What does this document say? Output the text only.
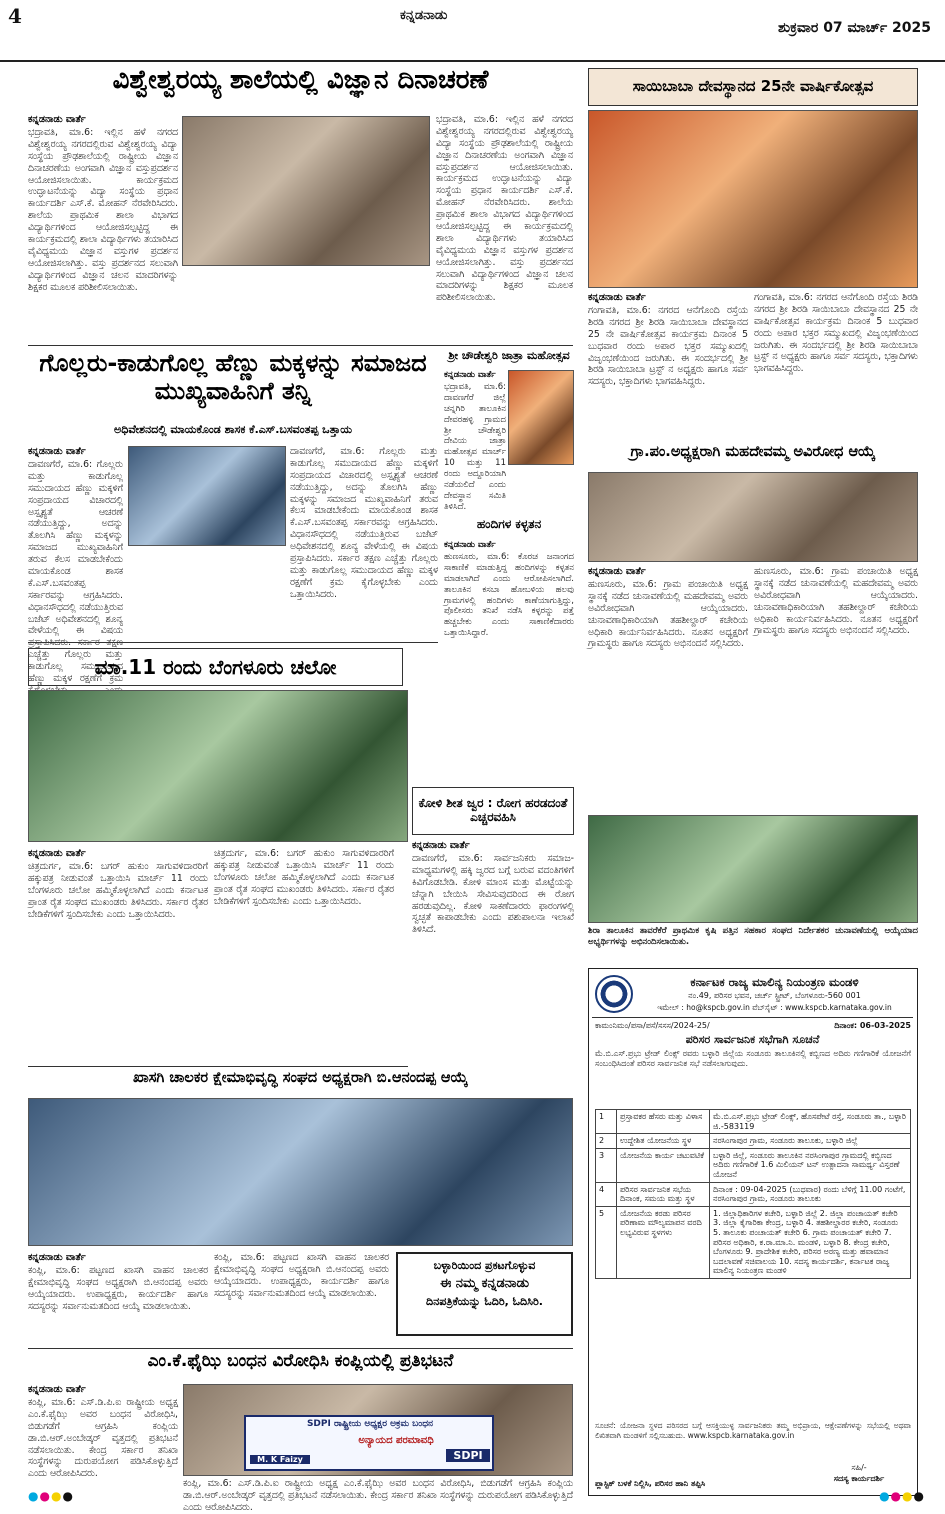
4	ಕನ್ನಡನಾಡು
ಶುಕ್ರವಾರ 07 ಮಾರ್ಚ್ 2025
ವಿಶ್ವೇಶ್ವರಯ್ಯ ಶಾಲೆಯಲ್ಲಿ ವಿಜ್ಞಾನ ದಿನಾಚರಣೆ
ಕನ್ನಡನಾಡು ವಾರ್ತೆ
ಭದ್ರಾವತಿ, ಮಾ.6: ಇಲ್ಲಿನ ಹಳೆ ನಗರದ ವಿಶ್ವೇಶ್ವರಯ್ಯ ನಗರದಲ್ಲಿರುವ ವಿಶ್ವೇಶ್ವರಯ್ಯ ವಿದ್ಯಾ ಸಂಸ್ಥೆಯ ಪ್ರೌಢಶಾಲೆಯಲ್ಲಿ ರಾಷ್ಟ್ರೀಯ ವಿಜ್ಞಾನ ದಿನಾಚರಣೆಯ ಅಂಗವಾಗಿ ವಿಜ್ಞಾನ ವಸ್ತುಪ್ರದರ್ಶನ ಆಯೋಜಿಸಲಾಯಿತು. ಕಾರ್ಯಕ್ರಮದ ಉದ್ಘಾಟನೆಯನ್ನು ವಿದ್ಯಾ ಸಂಸ್ಥೆಯ ಪ್ರಧಾನ ಕಾರ್ಯದರ್ಶಿ ಎಸ್.ಕೆ. ಮೋಹನ್ ನೆರವೇರಿಸಿದರು. ಶಾಲೆಯ ಪ್ರಾಥಮಿಕ ಶಾಲಾ ವಿಭಾಗದ ವಿದ್ಯಾರ್ಥಿಗಳಿಂದ ಆಯೋಜಿಸಲ್ಪಟ್ಟಿದ್ದ ಈ ಕಾರ್ಯಕ್ರಮದಲ್ಲಿ ಶಾಲಾ ವಿದ್ಯಾರ್ಥಿಗಳು ತಯಾರಿಸಿದ ವೈವಿಧ್ಯಮಯ ವಿಜ್ಞಾನ ವಸ್ತುಗಳ ಪ್ರದರ್ಶನ ಆಯೋಜಿಸಲಾಗಿತ್ತು. ವಸ್ತು ಪ್ರದರ್ಶನದ ಸಲುವಾಗಿ ವಿದ್ಯಾರ್ಥಿಗಳಿಂದ ವಿಜ್ಞಾನ ಚಲನ ಮಾದರಿಗಳನ್ನು ಶಿಕ್ಷಕರ ಮೂಲಕ ಪರಿಶೀಲಿಸಲಾಯಿತು.
ಭದ್ರಾವತಿ, ಮಾ.6: ಇಲ್ಲಿನ ಹಳೆ ನಗರದ ವಿಶ್ವೇಶ್ವರಯ್ಯ ನಗರದಲ್ಲಿರುವ ವಿಶ್ವೇಶ್ವರಯ್ಯ ವಿದ್ಯಾ ಸಂಸ್ಥೆಯ ಪ್ರೌಢಶಾಲೆಯಲ್ಲಿ ರಾಷ್ಟ್ರೀಯ ವಿಜ್ಞಾನ ದಿನಾಚರಣೆಯ ಅಂಗವಾಗಿ ವಿಜ್ಞಾನ ವಸ್ತುಪ್ರದರ್ಶನ ಆಯೋಜಿಸಲಾಯಿತು. ಕಾರ್ಯಕ್ರಮದ ಉದ್ಘಾಟನೆಯನ್ನು ವಿದ್ಯಾ ಸಂಸ್ಥೆಯ ಪ್ರಧಾನ ಕಾರ್ಯದರ್ಶಿ ಎಸ್.ಕೆ. ಮೋಹನ್ ನೆರವೇರಿಸಿದರು. ಶಾಲೆಯ ಪ್ರಾಥಮಿಕ ಶಾಲಾ ವಿಭಾಗದ ವಿದ್ಯಾರ್ಥಿಗಳಿಂದ ಆಯೋಜಿಸಲ್ಪಟ್ಟಿದ್ದ ಈ ಕಾರ್ಯಕ್ರಮದಲ್ಲಿ ಶಾಲಾ ವಿದ್ಯಾರ್ಥಿಗಳು ತಯಾರಿಸಿದ ವೈವಿಧ್ಯಮಯ ವಿಜ್ಞಾನ ವಸ್ತುಗಳ ಪ್ರದರ್ಶನ ಆಯೋಜಿಸಲಾಗಿತ್ತು. ವಸ್ತು ಪ್ರದರ್ಶನದ ಸಲುವಾಗಿ ವಿದ್ಯಾರ್ಥಿಗಳಿಂದ ವಿಜ್ಞಾನ ಚಲನ ಮಾದರಿಗಳನ್ನು ಶಿಕ್ಷಕರ ಮೂಲಕ ಪರಿಶೀಲಿಸಲಾಯಿತು.
ಗೊಲ್ಲರು-ಕಾಡುಗೊಲ್ಲ ಹೆಣ್ಣು ಮಕ್ಕಳನ್ನು ಸಮಾಜದ ಮುಖ್ಯವಾಹಿನಿಗೆ ತನ್ನಿ
ಅಧಿವೇಶನದಲ್ಲಿ ಮಾಯಕೊಂಡ ಶಾಸಕ ಕೆ.ಎಸ್.ಬಸವಂತಪ್ಪ ಒತ್ತಾಯ
ಕನ್ನಡನಾಡು ವಾರ್ತೆ
ದಾವಣಗೆರೆ, ಮಾ.6: ಗೊಲ್ಲರು ಮತ್ತು ಕಾಡುಗೊಲ್ಲ ಸಮುದಾಯದ ಹೆಣ್ಣು ಮಕ್ಕಳಿಗೆ ಸಂಪ್ರದಾಯದ ವಿಚಾರದಲ್ಲಿ ಅಸ್ಪೃಶ್ಯತೆ ಆಚರಣೆ ನಡೆಯುತ್ತಿದ್ದು, ಅದನ್ನು ತೊಲಗಿಸಿ ಹೆಣ್ಣು ಮಕ್ಕಳನ್ನು ಸಮಾಜದ ಮುಖ್ಯವಾಹಿನಿಗೆ ತರುವ ಕೆಲಸ ಮಾಡಬೇಕೆಂದು ಮಾಯಕೊಂಡ ಶಾಸಕ ಕೆ.ಎಸ್.ಬಸವಂತಪ್ಪ ಸರ್ಕಾರವನ್ನು ಆಗ್ರಹಿಸಿದರು. ವಿಧಾನಸೌಧದಲ್ಲಿ ನಡೆಯುತ್ತಿರುವ ಬಜೆಟ್ ಅಧಿವೇಶನದಲ್ಲಿ ಶೂನ್ಯ ವೇಳೆಯಲ್ಲಿ ಈ ವಿಷಯ ಎಚ್ಚೆತ್ತು ಗೊಲ್ಲರು ಮತ್ತು ಕಾಡುಗೊಲ್ಲ ಸಮುದಾಯದ ಹೆಣ್ಣು ಮಕ್ಕಳ ರಕ್ಷಣೆಗೆ ಕ್ರಮ
ದಾವಣಗೆರೆ, ಮಾ.6: ಗೊಲ್ಲರು ಮತ್ತು ಕಾಡುಗೊಲ್ಲ ಸಮುದಾಯದ ಹೆಣ್ಣು ಮಕ್ಕಳಿಗೆ ಸಂಪ್ರದಾಯದ ವಿಚಾರದಲ್ಲಿ ಅಸ್ಪೃಶ್ಯತೆ ಆಚರಣೆ ನಡೆಯುತ್ತಿದ್ದು, ಅದನ್ನು ತೊಲಗಿಸಿ ಹೆಣ್ಣು ಮಕ್ಕಳನ್ನು ಸಮಾಜದ ಮುಖ್ಯವಾಹಿನಿಗೆ ತರುವ ಕೆಲಸ ಮಾಡಬೇಕೆಂದು ಮಾಯಕೊಂಡ ಶಾಸಕ ಕೆ.ಎಸ್.ಬಸವಂತಪ್ಪ ಸರ್ಕಾರವನ್ನು ಆಗ್ರಹಿಸಿದರು. ವಿಧಾನಸೌಧದಲ್ಲಿ ನಡೆಯುತ್ತಿರುವ ಬಜೆಟ್ ಅಧಿವೇಶನದಲ್ಲಿ ಶೂನ್ಯ ವೇಳೆಯಲ್ಲಿ ಈ ವಿಷಯ ಪ್ರಸ್ತಾಪಿಸಿದರು. ಸರ್ಕಾರ ತಕ್ಷಣ ಎಚ್ಚೆತ್ತು ಗೊಲ್ಲರು ಮತ್ತು ಕಾಡುಗೊಲ್ಲ ಸಮುದಾಯದ ಹೆಣ್ಣು ಮಕ್ಕಳ ರಕ್ಷಣೆಗೆ ಕ್ರಮ ಕೈಗೊಳ್ಳಬೇಕು ಎಂದು ಒತ್ತಾಯಿಸಿದರು.
ಶ್ರೀ ಚೌಡೇಶ್ವರಿ ಜಾತ್ರಾ ಮಹೋತ್ಸವ
ಕನ್ನಡನಾಡು ವಾರ್ತೆ
ಭದ್ರಾವತಿ, ಮಾ.6: ದಾವಣಗೆರೆ ಜಿಲ್ಲೆ ಚನ್ನಗಿರಿ ತಾಲೂಕಿನ ದೇವರಹಳ್ಳಿ ಗ್ರಾಮದ ಶ್ರೀ ಚೌಡೇಶ್ವರಿ ದೇವಿಯ ಜಾತ್ರಾ ಮಹೋತ್ಸವ ಮಾರ್ಚ್ 10 ಮತ್ತು 11 ರಂದು ಅದ್ದೂರಿಯಾಗಿ ನಡೆಯಲಿದೆ ಎಂದು ದೇವಸ್ಥಾನ ಸಮಿತಿ ತಿಳಿಸಿದೆ.
ಹಂದಿಗಳ ಕಳ್ಳತನ
ಕನ್ನಡನಾಡು ವಾರ್ತೆ
ಹುಣಸೂರು, ಮಾ.6: ಕೊರಚ ಜನಾಂಗದ ಸಾಕಾಣಿಕೆ ಮಾಡುತ್ತಿದ್ದ ಹಂದಿಗಳನ್ನು ಕಳ್ಳತನ ಮಾಡಲಾಗಿದೆ ಎಂದು ಆರೋಪಿಸಲಾಗಿದೆ. ತಾಲೂಕಿನ ಕಸಬಾ ಹೋಬಳಿಯ ಹಲವು ಗ್ರಾಮಗಳಲ್ಲಿ ಹಂದಿಗಳು ಕಾಣೆಯಾಗುತ್ತಿದ್ದು, ಪೊಲೀಸರು ತನಿಖೆ ನಡೆಸಿ ಕಳ್ಳರನ್ನು ಪತ್ತೆ ಹಚ್ಚಬೇಕು ಎಂದು ಸಾಕಾಣಿಕೆದಾರರು ಒತ್ತಾಯಿಸಿದ್ದಾರೆ.
ಮಾ.11 ರಂದು ಬೆಂಗಳೂರು ಚಲೋ
ಕನ್ನಡನಾಡು ವಾರ್ತೆ
ಚಿತ್ರದುರ್ಗ, ಮಾ.6: ಬಗರ್ ಹುಕುಂ ಸಾಗುವಳಿದಾರರಿಗೆ ಹಕ್ಕುಪತ್ರ ನೀಡುವಂತೆ ಒತ್ತಾಯಿಸಿ ಮಾರ್ಚ್ 11 ರಂದು ಬೆಂಗಳೂರು ಚಲೋ ಹಮ್ಮಿಕೊಳ್ಳಲಾಗಿದೆ ಎಂದು ಕರ್ನಾಟಕ ಪ್ರಾಂತ ರೈತ ಸಂಘದ ಮುಖಂಡರು ತಿಳಿಸಿದರು. ಸರ್ಕಾರ ರೈತರ ಬೇಡಿಕೆಗಳಿಗೆ ಸ್ಪಂದಿಸಬೇಕು ಎಂದು ಒತ್ತಾಯಿಸಿದರು.
ಚಿತ್ರದುರ್ಗ, ಮಾ.6: ಬಗರ್ ಹುಕುಂ ಸಾಗುವಳಿದಾರರಿಗೆ ಹಕ್ಕುಪತ್ರ ನೀಡುವಂತೆ ಒತ್ತಾಯಿಸಿ ಮಾರ್ಚ್ 11 ರಂದು ಬೆಂಗಳೂರು ಚಲೋ ಹಮ್ಮಿಕೊಳ್ಳಲಾಗಿದೆ ಎಂದು ಕರ್ನಾಟಕ ಪ್ರಾಂತ ರೈತ ಸಂಘದ ಮುಖಂಡರು ತಿಳಿಸಿದರು. ಸರ್ಕಾರ ರೈತರ ಬೇಡಿಕೆಗಳಿಗೆ ಸ್ಪಂದಿಸಬೇಕು ಎಂದು ಒತ್ತಾಯಿಸಿದರು.
ಕೋಳಿ ಶೀತ ಜ್ವರ : ರೋಗ ಹರಡದಂತೆ ಎಚ್ಚರವಹಿಸಿ
ಕನ್ನಡನಾಡು ವಾರ್ತೆ
ದಾವಣಗೆರೆ, ಮಾ.6: ಸಾರ್ವಜನಿಕರು ಸಮಾಜ-ಮಾಧ್ಯಮಗಳಲ್ಲಿ ಹಕ್ಕಿ ಜ್ವರದ ಬಗ್ಗೆ ಬರುವ ವದಂತಿಗಳಿಗೆ ಕಿವಿಗೊಡಬೇಡಿ. ಕೋಳಿ ಮಾಂಸ ಮತ್ತು ಮೊಟ್ಟೆಯನ್ನು ಚೆನ್ನಾಗಿ ಬೇಯಿಸಿ ಸೇವಿಸುವುದರಿಂದ ಈ ರೋಗ ಹರಡುವುದಿಲ್ಲ. ಕೋಳಿ ಸಾಕಣೆದಾರರು ಫಾರಂಗಳಲ್ಲಿ ಸ್ವಚ್ಛತೆ ಕಾಪಾಡಬೇಕು ಎಂದು ಪಶುಪಾಲನಾ ಇಲಾಖೆ ತಿಳಿಸಿದೆ.
ಖಾಸಗಿ ಚಾಲಕರ ಕ್ಷೇಮಾಭಿವೃದ್ಧಿ ಸಂಘದ ಅಧ್ಯಕ್ಷರಾಗಿ ಬಿ.ಆನಂದಪ್ಪ ಆಯ್ಕೆ
ಕನ್ನಡನಾಡು ವಾರ್ತೆ
ಕಂಪ್ಲಿ, ಮಾ.6: ಪಟ್ಟಣದ ಖಾಸಗಿ ವಾಹನ ಚಾಲಕರ ಕ್ಷೇಮಾಭಿವೃದ್ಧಿ ಸಂಘದ ಅಧ್ಯಕ್ಷರಾಗಿ ಬಿ.ಆನಂದಪ್ಪ ಅವರು ಆಯ್ಕೆಯಾದರು. ಉಪಾಧ್ಯಕ್ಷರು, ಕಾರ್ಯದರ್ಶಿ ಹಾಗೂ ಸದಸ್ಯರನ್ನು ಸರ್ವಾನುಮತದಿಂದ ಆಯ್ಕೆ ಮಾಡಲಾಯಿತು.
ಕಂಪ್ಲಿ, ಮಾ.6: ಪಟ್ಟಣದ ಖಾಸಗಿ ವಾಹನ ಚಾಲಕರ ಕ್ಷೇಮಾಭಿವೃದ್ಧಿ ಸಂಘದ ಅಧ್ಯಕ್ಷರಾಗಿ ಬಿ.ಆನಂದಪ್ಪ ಅವರು ಆಯ್ಕೆಯಾದರು. ಉಪಾಧ್ಯಕ್ಷರು, ಕಾರ್ಯದರ್ಶಿ ಹಾಗೂ ಸದಸ್ಯರನ್ನು ಸರ್ವಾನುಮತದಿಂದ ಆಯ್ಕೆ ಮಾಡಲಾಯಿತು.
ಬಳ್ಳಾರಿಯಿಂದ ಪ್ರಕಟಗೊಳ್ಳುವ
ಈ ನಮ್ಮ ಕನ್ನಡನಾಡು
ದಿನಪತ್ರಿಕೆಯನ್ನು ಓದಿರಿ, ಓದಿಸಿರಿ.
ಎಂ.ಕೆ.ಫೈಝಿ ಬಂಧನ ವಿರೋಧಿಸಿ ಕಂಪ್ಲಿಯಲ್ಲಿ ಪ್ರತಿಭಟನೆ
ಕನ್ನಡನಾಡು ವಾರ್ತೆ
ಕಂಪ್ಲಿ, ಮಾ.6: ಎಸ್.ಡಿ.ಪಿ.ಐ ರಾಷ್ಟ್ರೀಯ ಅಧ್ಯಕ್ಷ ಎಂ.ಕೆ.ಫೈಝಿ ಅವರ ಬಂಧನ ವಿರೋಧಿಸಿ, ಬಿಡುಗಡೆಗೆ ಆಗ್ರಹಿಸಿ ಕಂಪ್ಲಿಯ ಡಾ.ಬಿ.ಆರ್.ಅಂಬೇಡ್ಕರ್ ವೃತ್ತದಲ್ಲಿ ಪ್ರತಿಭಟನೆ ನಡೆಸಲಾಯಿತು. ಕೇಂದ್ರ ಸರ್ಕಾರ ತನಿಖಾ ಸಂಸ್ಥೆಗಳನ್ನು ದುರುಪಯೋಗ ಪಡಿಸಿಕೊಳ್ಳುತ್ತಿದೆ ಎಂದು ಆರೋಪಿಸಿದರು.
SDPI ರಾಷ್ಟ್ರೀಯ ಅಧ್ಯಕ್ಷರ ಅಕ್ರಮ ಬಂಧನ
ಅನ್ಯಾಯದ ಪರಮಾವಧಿ
M. K Faizy	SDPI
ಕಂಪ್ಲಿ, ಮಾ.6: ಎಸ್.ಡಿ.ಪಿ.ಐ ರಾಷ್ಟ್ರೀಯ ಅಧ್ಯಕ್ಷ ಎಂ.ಕೆ.ಫೈಝಿ ಅವರ ಬಂಧನ ವಿರೋಧಿಸಿ, ಬಿಡುಗಡೆಗೆ ಆಗ್ರಹಿಸಿ ಕಂಪ್ಲಿಯ ಡಾ.ಬಿ.ಆರ್.ಅಂಬೇಡ್ಕರ್ ವೃತ್ತದಲ್ಲಿ ಪ್ರತಿಭಟನೆ ನಡೆಸಲಾಯಿತು. ಕೇಂದ್ರ ಸರ್ಕಾರ ತನಿಖಾ ಸಂಸ್ಥೆಗಳನ್ನು ದುರುಪಯೋಗ ಪಡಿಸಿಕೊಳ್ಳುತ್ತಿದೆ ಎಂದು ಆರೋಪಿಸಿದರು.
ಸಾಯಿಬಾಬಾ ದೇವಸ್ಥಾನದ 25ನೇ ವಾರ್ಷಿಕೋತ್ಸವ
ಕನ್ನಡನಾಡು ವಾರ್ತೆ
ಗಂಗಾವತಿ, ಮಾ.6: ನಗರದ ಆನೆಗೊಂದಿ ರಸ್ತೆಯ ಶಿರಡಿ ನಗರದ ಶ್ರೀ ಶಿರಡಿ ಸಾಯಿಬಾಬಾ ದೇವಸ್ಥಾನದ 25 ನೇ ವಾರ್ಷಿಕೋತ್ಸವ ಕಾರ್ಯಕ್ರಮ ದಿನಾಂಕ 5 ಬುಧವಾರ ರಂದು ಅಪಾರ ಭಕ್ತರ ಸಮ್ಮುಖದಲ್ಲಿ ವಿಜೃಂಭಣೆಯಿಂದ ಜರುಗಿತು. ಈ ಸಂದರ್ಭದಲ್ಲಿ ಶ್ರೀ ಶಿರಡಿ ಸಾಯಿಬಾಬಾ ಟ್ರಸ್ಟ್ ನ ಅಧ್ಯಕ್ಷರು ಹಾಗೂ ಸರ್ವ ಸದಸ್ಯರು, ಭಕ್ತಾದಿಗಳು ಭಾಗವಹಿಸಿದ್ದರು.
ಗಂಗಾವತಿ, ಮಾ.6: ನಗರದ ಆನೆಗೊಂದಿ ರಸ್ತೆಯ ಶಿರಡಿ ನಗರದ ಶ್ರೀ ಶಿರಡಿ ಸಾಯಿಬಾಬಾ ದೇವಸ್ಥಾನದ 25 ನೇ ವಾರ್ಷಿಕೋತ್ಸವ ಕಾರ್ಯಕ್ರಮ ದಿನಾಂಕ 5 ಬುಧವಾರ ರಂದು ಅಪಾರ ಭಕ್ತರ ಸಮ್ಮುಖದಲ್ಲಿ ವಿಜೃಂಭಣೆಯಿಂದ ಜರುಗಿತು. ಈ ಸಂದರ್ಭದಲ್ಲಿ ಶ್ರೀ ಶಿರಡಿ ಸಾಯಿಬಾಬಾ ಟ್ರಸ್ಟ್ ನ ಅಧ್ಯಕ್ಷರು ಹಾಗೂ ಸರ್ವ ಸದಸ್ಯರು, ಭಕ್ತಾದಿಗಳು ಭಾಗವಹಿಸಿದ್ದರು.
ಗ್ರಾ.ಪಂ.ಅಧ್ಯಕ್ಷರಾಗಿ ಮಹದೇವಮ್ಮ ಅವಿರೋಧ ಆಯ್ಕೆ
ಕನ್ನಡನಾಡು ವಾರ್ತೆ
ಹುಣಸೂರು, ಮಾ.6: ಗ್ರಾಮ ಪಂಚಾಯಿತಿ ಅಧ್ಯಕ್ಷ ಸ್ಥಾನಕ್ಕೆ ನಡೆದ ಚುನಾವಣೆಯಲ್ಲಿ ಮಹದೇವಮ್ಮ ಅವರು ಅವಿರೋಧವಾಗಿ ಆಯ್ಕೆಯಾದರು. ಚುನಾವಣಾಧಿಕಾರಿಯಾಗಿ ತಹಶೀಲ್ದಾರ್ ಕಚೇರಿಯ ಅಧಿಕಾರಿ ಕಾರ್ಯನಿರ್ವಹಿಸಿದರು. ನೂತನ ಅಧ್ಯಕ್ಷರಿಗೆ ಗ್ರಾಮಸ್ಥರು ಹಾಗೂ ಸದಸ್ಯರು ಅಭಿನಂದನೆ ಸಲ್ಲಿಸಿದರು.
ಹುಣಸೂರು, ಮಾ.6: ಗ್ರಾಮ ಪಂಚಾಯಿತಿ ಅಧ್ಯಕ್ಷ ಸ್ಥಾನಕ್ಕೆ ನಡೆದ ಚುನಾವಣೆಯಲ್ಲಿ ಮಹದೇವಮ್ಮ ಅವರು ಅವಿರೋಧವಾಗಿ ಆಯ್ಕೆಯಾದರು. ಚುನಾವಣಾಧಿಕಾರಿಯಾಗಿ ತಹಶೀಲ್ದಾರ್ ಕಚೇರಿಯ ಅಧಿಕಾರಿ ಕಾರ್ಯನಿರ್ವಹಿಸಿದರು. ನೂತನ ಅಧ್ಯಕ್ಷರಿಗೆ ಗ್ರಾಮಸ್ಥರು ಹಾಗೂ ಸದಸ್ಯರು ಅಭಿನಂದನೆ ಸಲ್ಲಿಸಿದರು.
ಶಿರಾ ತಾಲೂಕಿನ ತಾವರೆಕೆರೆ ಪ್ರಾಥಮಿಕ ಕೃಷಿ ಪತ್ತಿನ ಸಹಕಾರ ಸಂಘದ ನಿರ್ದೇಶಕರ ಚುನಾವಣೆಯಲ್ಲಿ ಆಯ್ಕೆಯಾದ ಅಭ್ಯರ್ಥಿಗಳನ್ನು ಅಭಿನಂದಿಸಲಾಯಿತು.
ಕರ್ನಾಟಕ ರಾಜ್ಯ ಮಾಲಿನ್ಯ ನಿಯಂತ್ರಣ ಮಂಡಳಿ
ನಂ.49, ಪರಿಸರ ಭವನ, ಚರ್ಚ್ ಸ್ಟ್ರೀಟ್, ಬೆಂಗಳೂರು-560 001
ಇಮೇಲ್ : ho@kspcb.gov.in ವೆಬ್‌ಸೈಟ್ : www.kspcb.karnataka.gov.in
ಕಾಮಂನಿಮಂ/ಪಸಾ/ಪಸೆ/ಸಸಸ/2024-25/	ದಿನಾಂಕ: 06-03-2025
ಪರಿಸರ ಸಾರ್ವಜನಿಕ ಸಭೆಗಾಗಿ ಸೂಚನೆ
ಮೆ.ಬಿ.ಎಸ್.ಪ್ರಭು ಟ್ರೇಡ್ ಲಿಂಕ್ಸ್ ರವರು ಬಳ್ಳಾರಿ ಜಿಲ್ಲೆಯ ಸಂಡೂರು ತಾಲೂಕಿನಲ್ಲಿ ಕಬ್ಬಿಣದ ಅದಿರು ಗಣಿಗಾರಿಕೆ ಯೋಜನೆಗೆ ಸಂಬಂಧಿಸಿದಂತೆ ಪರಿಸರ ಸಾರ್ವಜನಿಕ ಸಭೆ ನಡೆಸಲಾಗುವುದು.
1	ಪ್ರಸ್ತಾವಕರ ಹೆಸರು ಮತ್ತು ವಿಳಾಸ	ಮೆ.ಬಿ.ಎಸ್.ಪ್ರಭು ಟ್ರೇಡ್ ಲಿಂಕ್ಸ್, ಹೊಸಪೇಟೆ ರಸ್ತೆ, ಸಂಡೂರು ತಾ., ಬಳ್ಳಾರಿ ಜಿ.-583119
2	ಉದ್ದೇಶಿತ ಯೋಜನೆಯ ಸ್ಥಳ	ನರಸಿಂಗಾಪುರ ಗ್ರಾಮ, ಸಂಡೂರು ತಾಲೂಕು, ಬಳ್ಳಾರಿ ಜಿಲ್ಲೆ
3	ಯೋಜನೆಯ ಕಾರ್ಯ ಚಟುವಟಿಕೆ	ಬಳ್ಳಾರಿ ಜಿಲ್ಲೆ, ಸಂಡೂರು ತಾಲೂಕಿನ ನರಸಿಂಗಾಪುರ ಗ್ರಾಮದಲ್ಲಿ ಕಬ್ಬಿಣದ ಅದಿರು ಗಣಿಗಾರಿಕೆ 1.6 ಮಿಲಿಯನ್ ಟನ್ ಉತ್ಪಾದನಾ ಸಾಮರ್ಥ್ಯ ವಿಸ್ತರಣೆ ಯೋಜನೆ
4	ಪರಿಸರ ಸಾರ್ವಜನಿಕ ಸಭೆಯ ದಿನಾಂಕ, ಸಮಯ ಮತ್ತು ಸ್ಥಳ	ದಿನಾಂಕ : 09-04-2025 (ಬುಧವಾರ) ರಂದು ಬೆಳಿಗ್ಗೆ 11.00 ಗಂಟೆಗೆ, ನರಸಿಂಗಾಪುರ ಗ್ರಾಮ, ಸಂಡೂರು ತಾಲೂಕು
5	ಯೋಜನೆಯ ಕರಡು ಪರಿಸರ ಪರಿಣಾಮ ಮೌಲ್ಯಮಾಪನ ವರದಿ ಲಭ್ಯವಿರುವ ಸ್ಥಳಗಳು	1. ಜಿಲ್ಲಾಧಿಕಾರಿಗಳ ಕಚೇರಿ, ಬಳ್ಳಾರಿ ಜಿಲ್ಲೆ 2. ಜಿಲ್ಲಾ ಪಂಚಾಯತ್ ಕಚೇರಿ 3. ಜಿಲ್ಲಾ ಕೈಗಾರಿಕಾ ಕೇಂದ್ರ, ಬಳ್ಳಾರಿ 4. ತಹಶೀಲ್ದಾರರ ಕಚೇರಿ, ಸಂಡೂರು 5. ತಾಲೂಕು ಪಂಚಾಯತ್ ಕಚೇರಿ 6. ಗ್ರಾಮ ಪಂಚಾಯತ್ ಕಚೇರಿ 7. ಪರಿಸರ ಅಧಿಕಾರಿ, ಕ.ರಾ.ಮಾ.ನಿ. ಮಂಡಳಿ, ಬಳ್ಳಾರಿ 8. ಕೇಂದ್ರ ಕಚೇರಿ, ಬೆಂಗಳೂರು 9. ಪ್ರಾದೇಶಿಕ ಕಚೇರಿ, ಪರಿಸರ ಅರಣ್ಯ ಮತ್ತು ಹವಾಮಾನ ಬದಲಾವಣೆ ಸಚಿವಾಲಯ 10. ಸದಸ್ಯ ಕಾರ್ಯದರ್ಶಿ, ಕರ್ನಾಟಕ ರಾಜ್ಯ ಮಾಲಿನ್ಯ ನಿಯಂತ್ರಣ ಮಂಡಳಿ
ಸೂಚನೆ: ಯೋಜನಾ ಸ್ಥಳದ ಪರಿಸರದ ಬಗ್ಗೆ ಆಸಕ್ತಿಯುಳ್ಳ ಸಾರ್ವಜನಿಕರು ತಮ್ಮ ಅಭಿಪ್ರಾಯ, ಆಕ್ಷೇಪಣೆಗಳನ್ನು ಸಭೆಯಲ್ಲಿ ಅಥವಾ ಲಿಖಿತವಾಗಿ ಮಂಡಳಿಗೆ ಸಲ್ಲಿಸಬಹುದು. www.kspcb.karnataka.gov.in
ಸಹಿ/-
ಸದಸ್ಯ ಕಾರ್ಯದರ್ಶಿ
ಪ್ಲಾಸ್ಟಿಕ್ ಬಳಕೆ ನಿಲ್ಲಿಸಿ, ಪರಿಸರ ಹಾನಿ ತಪ್ಪಿಸಿ
●●●●	●●●●
